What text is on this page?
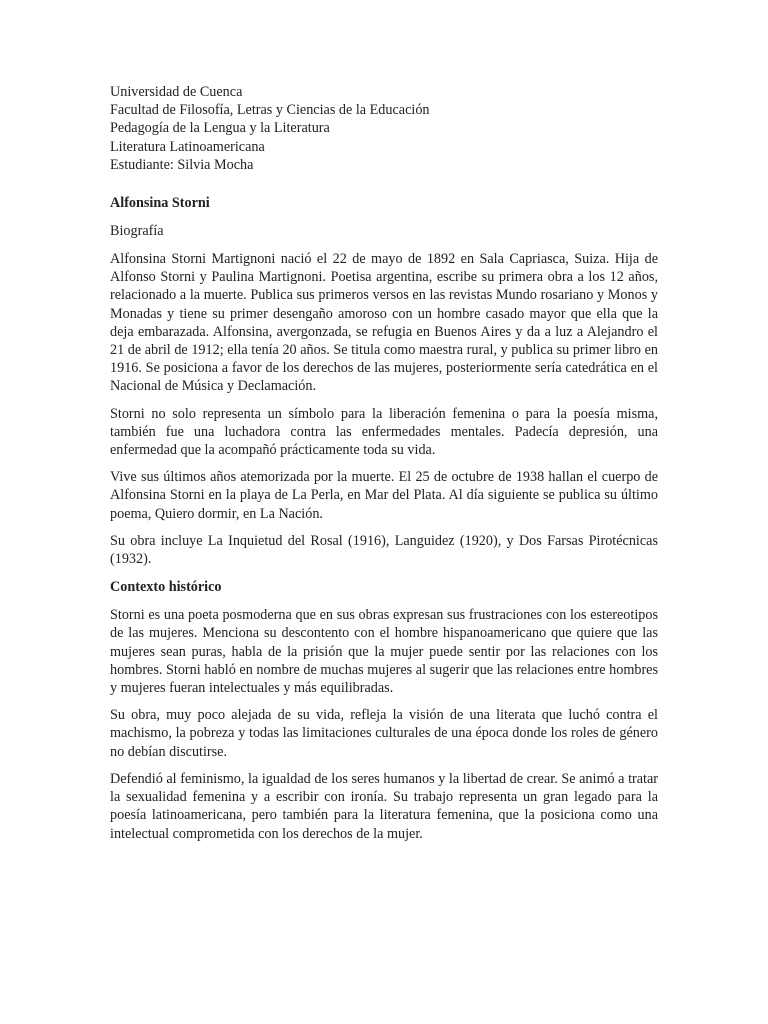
Universidad de Cuenca
Facultad de Filosofía, Letras y Ciencias de la Educación
Pedagogía de la Lengua y la Literatura
Literatura Latinoamericana
Estudiante: Silvia Mocha
Alfonsina Storni
Biografía

Alfonsina Storni Martignoni nació el 22 de mayo de 1892 en Sala Capriasca, Suiza. Hija de Alfonso Storni y Paulina Martignoni. Poetisa argentina, escribe su primera obra a los 12 años, relacionado a la muerte. Publica sus primeros versos en las revistas Mundo rosariano y Monos y Monadas y tiene su primer desengaño amoroso con un hombre casado mayor que ella que la deja embarazada. Alfonsina, avergonzada, se refugia en Buenos Aires y da a luz a Alejandro el 21 de abril de 1912; ella tenía 20 años. Se titula como maestra rural, y publica su primer libro en 1916. Se posiciona a favor de los derechos de las mujeres, posteriormente sería catedrática en el Nacional de Música y Declamación.

Storni no solo representa un símbolo para la liberación femenina o para la poesía misma, también fue una luchadora contra las enfermedades mentales. Padecía depresión, una enfermedad que la acompañó prácticamente toda su vida.

Vive sus últimos años atemorizada por la muerte. El 25 de octubre de 1938 hallan el cuerpo de Alfonsina Storni en la playa de La Perla, en Mar del Plata. Al día siguiente se publica su último poema, Quiero dormir, en La Nación.

Su obra incluye La Inquietud del Rosal (1916), Languidez (1920), y Dos Farsas Pirotécnicas (1932).

Contexto histórico

Storni es una poeta posmoderna que en sus obras expresan sus frustraciones con los estereotipos de las mujeres. Menciona su descontento con el hombre hispanoamericano que quiere que las mujeres sean puras, habla de la prisión que la mujer puede sentir por las relaciones con los hombres. Storni habló en nombre de muchas mujeres al sugerir que las relaciones entre hombres y mujeres fueran intelectuales y más equilibradas.

Su obra, muy poco alejada de su vida, refleja la visión de una literata que luchó contra el machismo, la pobreza y todas las limitaciones culturales de una época donde los roles de género no debían discutirse.

Defendió al feminismo, la igualdad de los seres humanos y la libertad de crear. Se animó a tratar la sexualidad femenina y a escribir con ironía. Su trabajo representa un gran legado para la poesía latinoamericana, pero también para la literatura femenina, que la posiciona como una intelectual comprometida con los derechos de la mujer.
